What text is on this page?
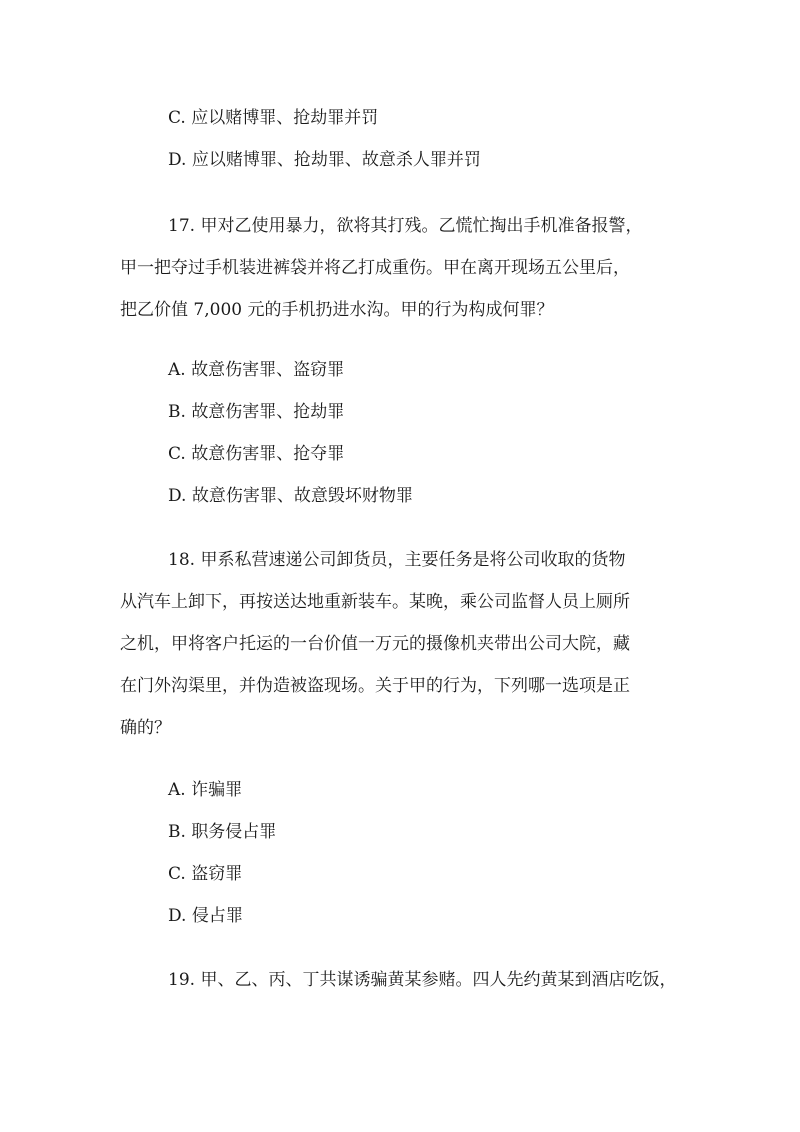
C. 应以赌博罪、抢劫罪并罚
D. 应以赌博罪、抢劫罪、故意杀人罪并罚
17. 甲对乙使用暴力，欲将其打残。乙慌忙掏出手机准备报警，
甲一把夺过手机装进裤袋并将乙打成重伤。甲在离开现场五公里后，
把乙价值 7,000 元的手机扔进水沟。甲的行为构成何罪？
A. 故意伤害罪、盗窃罪
B. 故意伤害罪、抢劫罪
C. 故意伤害罪、抢夺罪
D. 故意伤害罪、故意毁坏财物罪
18. 甲系私营速递公司卸货员，主要任务是将公司收取的货物
从汽车上卸下，再按送达地重新装车。某晚，乘公司监督人员上厕所
之机，甲将客户托运的一台价值一万元的摄像机夹带出公司大院，藏
在门外沟渠里，并伪造被盗现场。关于甲的行为，下列哪一选项是正
确的？
A. 诈骗罪
B. 职务侵占罪
C. 盗窃罪
D. 侵占罪
19. 甲、乙、丙、丁共谋诱骗黄某参赌。四人先约黄某到酒店吃饭，
